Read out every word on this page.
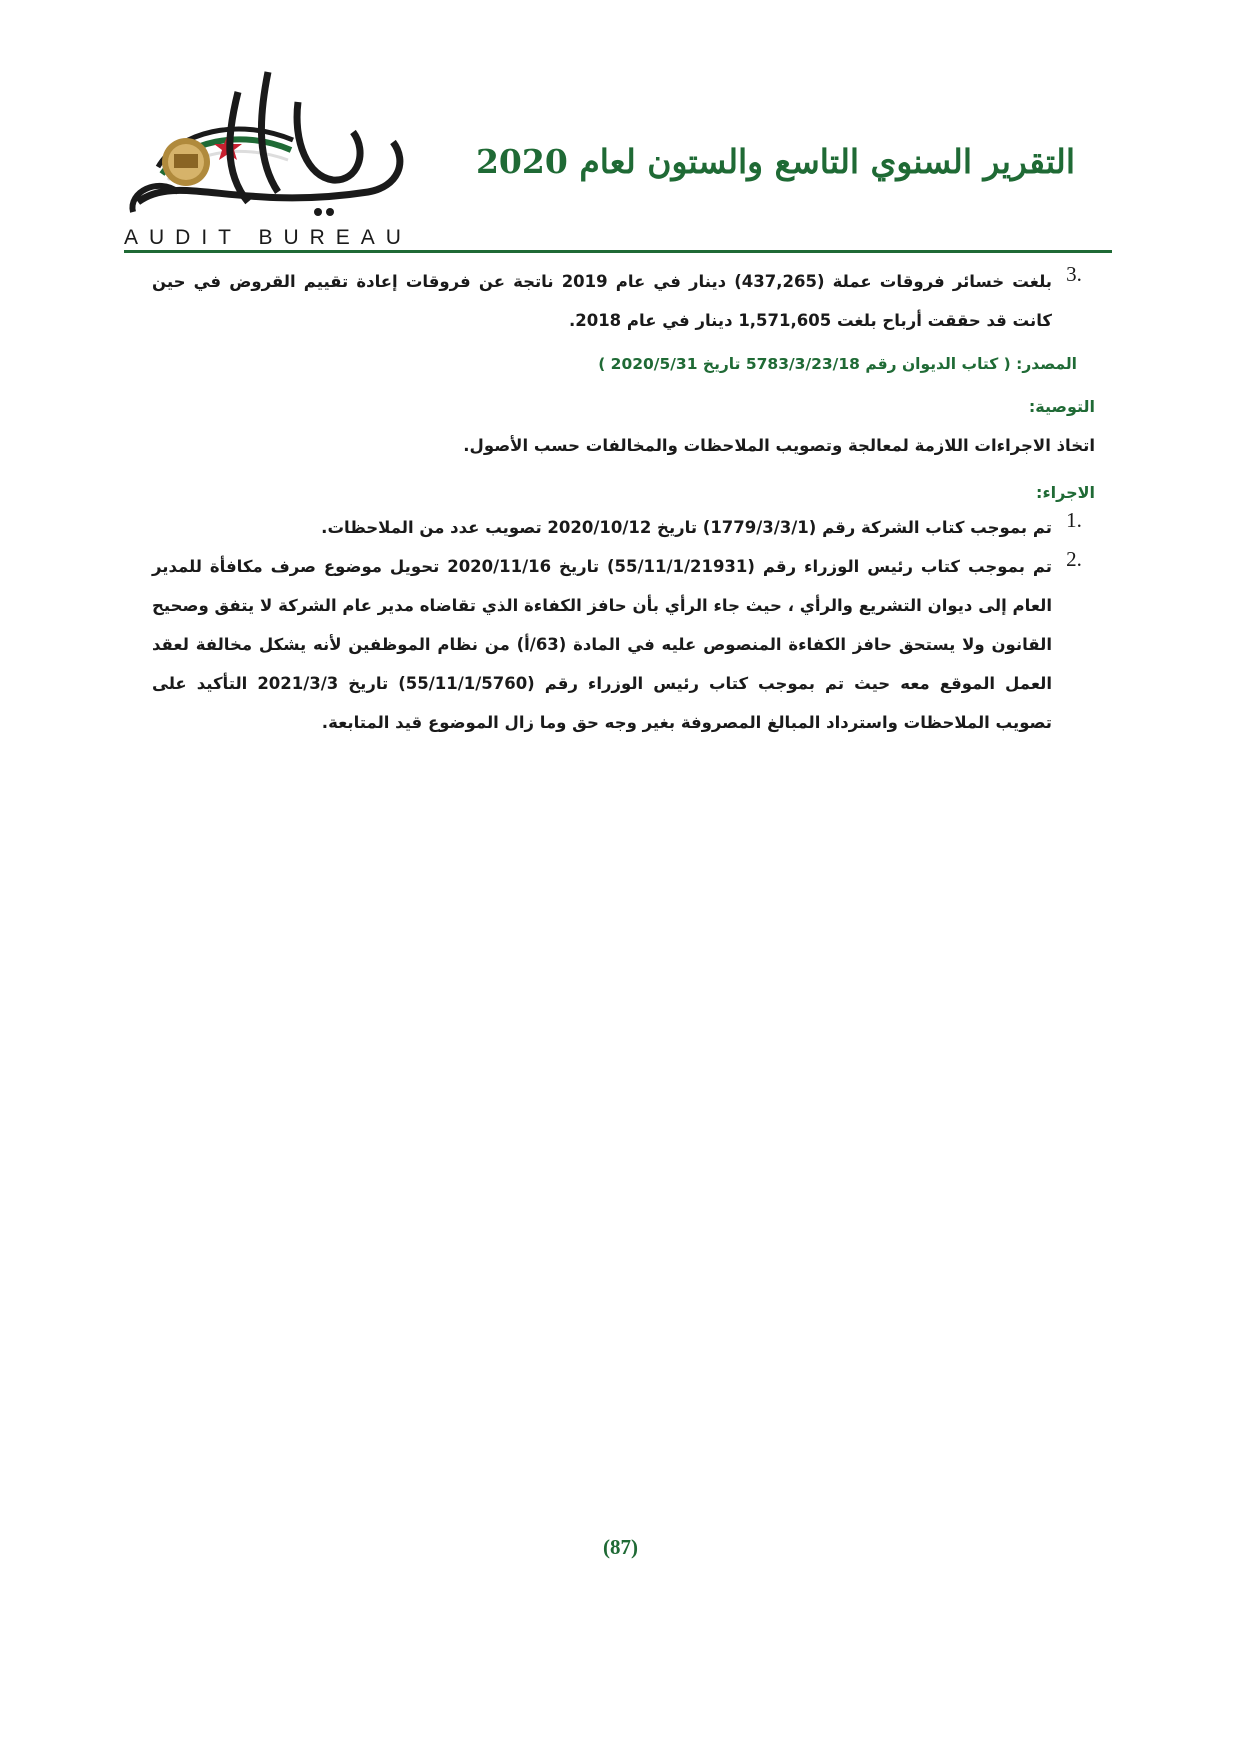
AUDIT BUREAU
التقرير السنوي التاسع والستون لعام 2020
3.
بلغت خسائر فروقات عملة (437,265) دينار في عام 2019 ناتجة عن فروقات إعادة تقييم القروض في حين كانت قد حققت أرباح بلغت 1,571,605 دينار في عام 2018.
المصدر: ( كتاب الديوان رقم 5783/3/23/18 تاريخ 2020/5/31 )
التوصية:
اتخاذ الاجراءات اللازمة لمعالجة وتصويب الملاحظات والمخالفات حسب الأصول.
الاجراء:
1.
تم بموجب كتاب الشركة رقم (1779/3/3/1) تاريخ 2020/10/12 تصويب عدد من الملاحظات.
2.
تم بموجب كتاب رئيس الوزراء رقم (55/11/1/21931) تاريخ 2020/11/16 تحويل موضوع صرف مكافأة للمدير العام إلى ديوان التشريع والرأي ، حيث جاء الرأي بأن حافز الكفاءة الذي تقاضاه مدير عام الشركة لا يتفق وصحيح القانون ولا يستحق حافز الكفاءة المنصوص عليه في المادة (63/أ) من نظام الموظفين لأنه يشكل مخالفة لعقد العمل الموقع معه حيث تم بموجب كتاب رئيس الوزراء رقم (55/11/1/5760) تاريخ 2021/3/3 التأكيد على تصويب الملاحظات واسترداد المبالغ المصروفة بغير وجه حق وما زال الموضوع قيد المتابعة.
(87)
